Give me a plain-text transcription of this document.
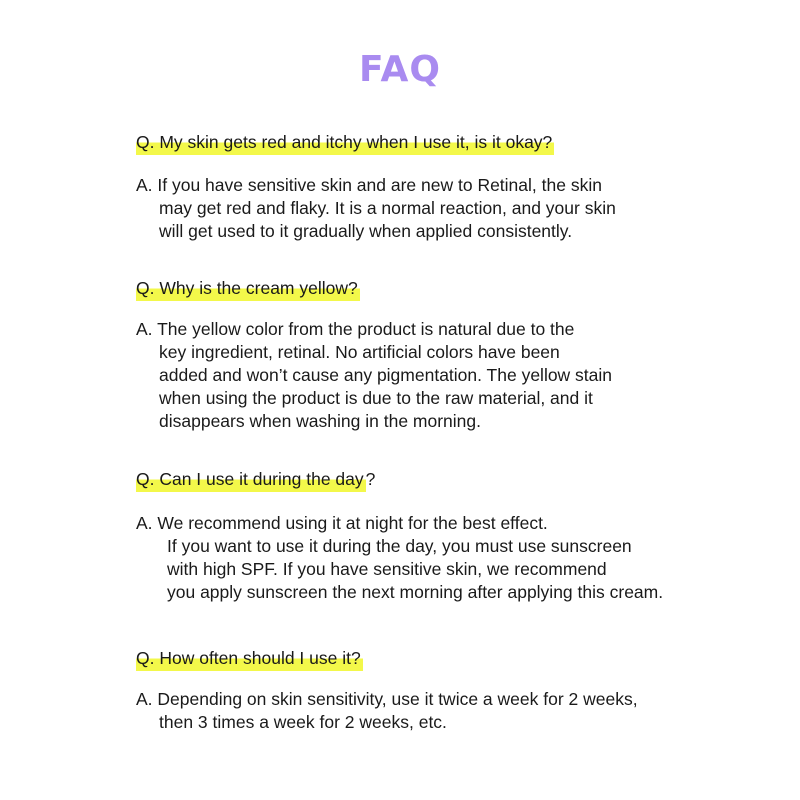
FAQ
Q. My skin gets red and itchy when I use it, is it okay?
A. If you have sensitive skin and are new to Retinal, the skin
may get red and flaky. It is a normal reaction, and your skin
will get used to it gradually when applied consistently.
Q. Why is the cream yellow?
A. The yellow color from the product is natural due to the
key ingredient, retinal. No artificial colors have been
added and won’t cause any pigmentation. The yellow stain
when using the product is due to the raw material, and it
disappears when washing in the morning.
Q. Can I use it during the day ?
A. We recommend using it at night for the best effect.
If you want to use it during the day, you must use sunscreen
with high SPF. If you have sensitive skin, we recommend
you apply sunscreen the next morning after applying this cream.
Q. How often should I use it?
A. Depending on skin sensitivity, use it twice a week for 2 weeks,
then 3 times a week for 2 weeks, etc.
